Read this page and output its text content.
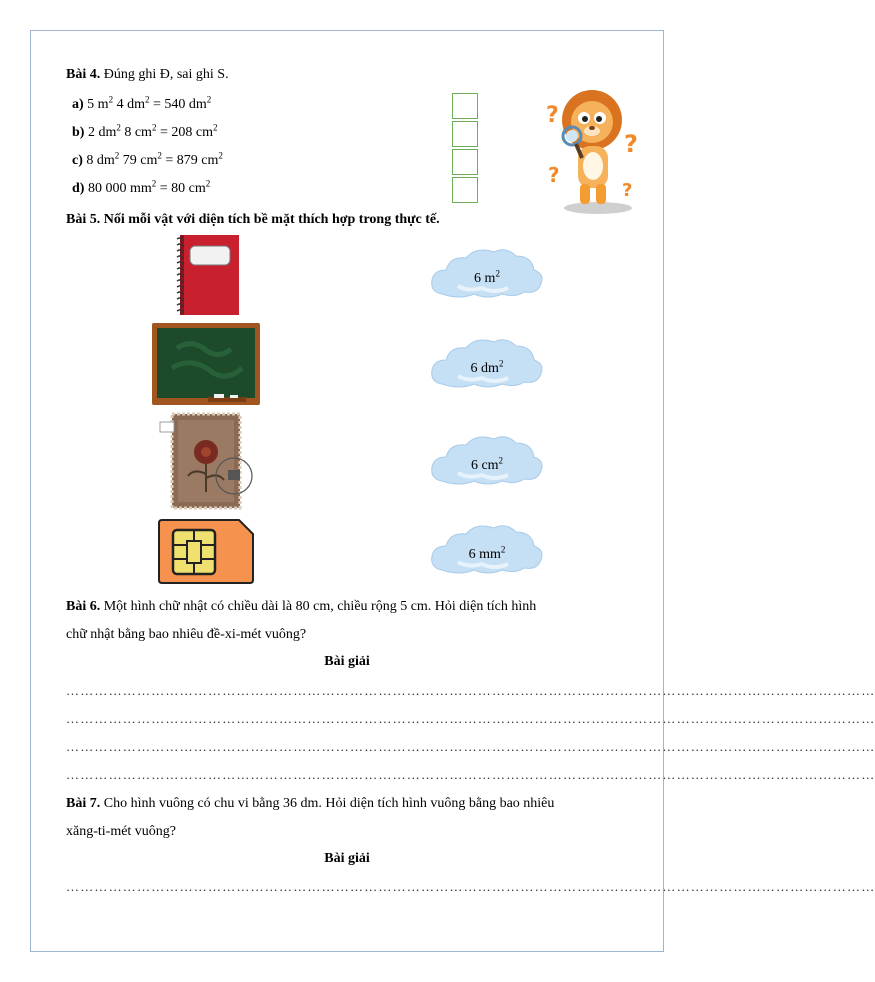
Bài 4. Đúng ghi Đ, sai ghi S.
a) 5 $m^2$ 4 $dm^2 = 540$ $dm^2$
b) 2 $dm^2$ 8 $cm^2 = 208$ $cm^2$
c) 8 $dm^2$ 79 $cm^2 = 879$ $cm^2$
d) 80 000 $mm^2 = 80$ $cm^2$
?
?
?
?
Bài 5. Nối mỗi vật với diện tích bề mặt thích hợp trong thực tế.
6 $m^2$
6 $dm^2$
6 $cm^2$
6 $mm^2$
Bài 6. Một hình chữ nhật có chiều dài là 80 cm, chiều rộng 5 cm. Hỏi diện tích hình
chữ nhật bằng bao nhiêu đề-xi-mét vuông?
Bài giải
………………………………………………………………………………………………………………………………………………………
………………………………………………………………………………………………………………………………………………………
………………………………………………………………………………………………………………………………………………………
………………………………………………………………………………………………………………………………………………………
Bài 7. Cho hình vuông có chu vi bằng 36 dm. Hỏi diện tích hình vuông bằng bao nhiêu
xăng-ti-mét vuông?
Bài giải
………………………………………………………………………………………………………………………………………………………
